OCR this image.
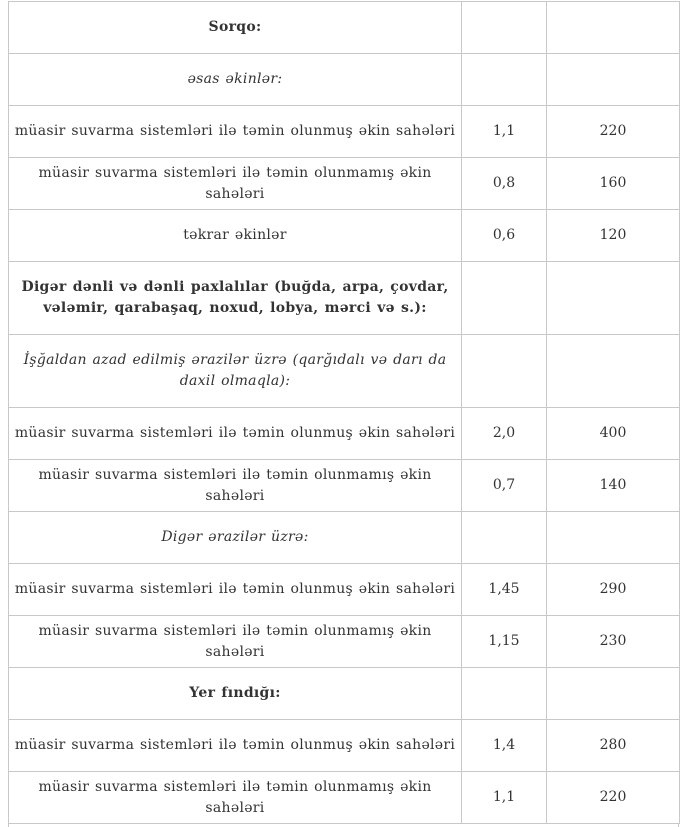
Sorqo:		
əsas əkinlər:		
müasir suvarma sistemləri ilə təmin olunmuş əkin sahələri	1,1	220
müasir suvarma sistemləri ilə təmin olunmamış əkin sahələri	0,8	160
təkrar əkinlər	0,6	120
Digər dənli və dənli paxlalılar (buğda, arpa, çovdar, vələmir, qarabaşaq, noxud, lobya, mərci və s.):		
İşğaldan azad edilmiş ərazilər üzrə (qarğıdalı və darı da daxil olmaqla):		
müasir suvarma sistemləri ilə təmin olunmuş əkin sahələri	2,0	400
müasir suvarma sistemləri ilə təmin olunmamış əkin sahələri	0,7	140
Digər ərazilər üzrə:		
müasir suvarma sistemləri ilə təmin olunmuş əkin sahələri	1,45	290
müasir suvarma sistemləri ilə təmin olunmamış əkin sahələri	1,15	230
Yer fındığı:		
müasir suvarma sistemləri ilə təmin olunmuş əkin sahələri	1,4	280
müasir suvarma sistemləri ilə təmin olunmamış əkin sahələri	1,1	220
